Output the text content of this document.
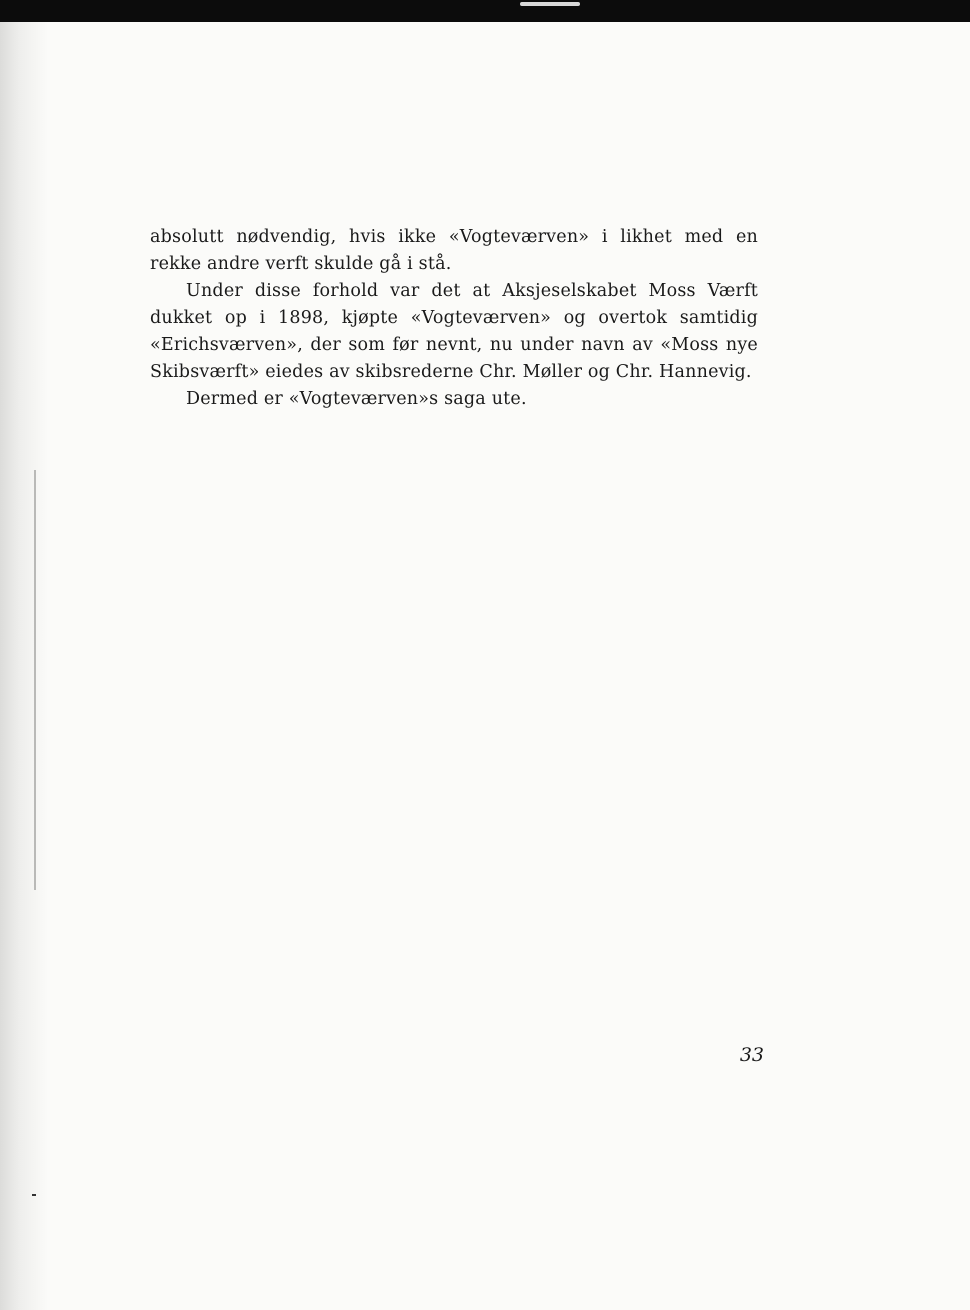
absolutt nødvendig, hvis ikke «Vogteværven» i likhet med en rekke andre verft skulde gå i stå.

Under disse forhold var det at Aksjeselskabet Moss Værft dukket op i 1898, kjøpte «Vogteværven» og overtok samtidig «Erichsværven», der som før nevnt, nu under navn av «Moss nye Skibsværft» eiedes av skibsrederne Chr. Møller og Chr. Hannevig.

Dermed er «Vogteværven»s saga ute.

33
